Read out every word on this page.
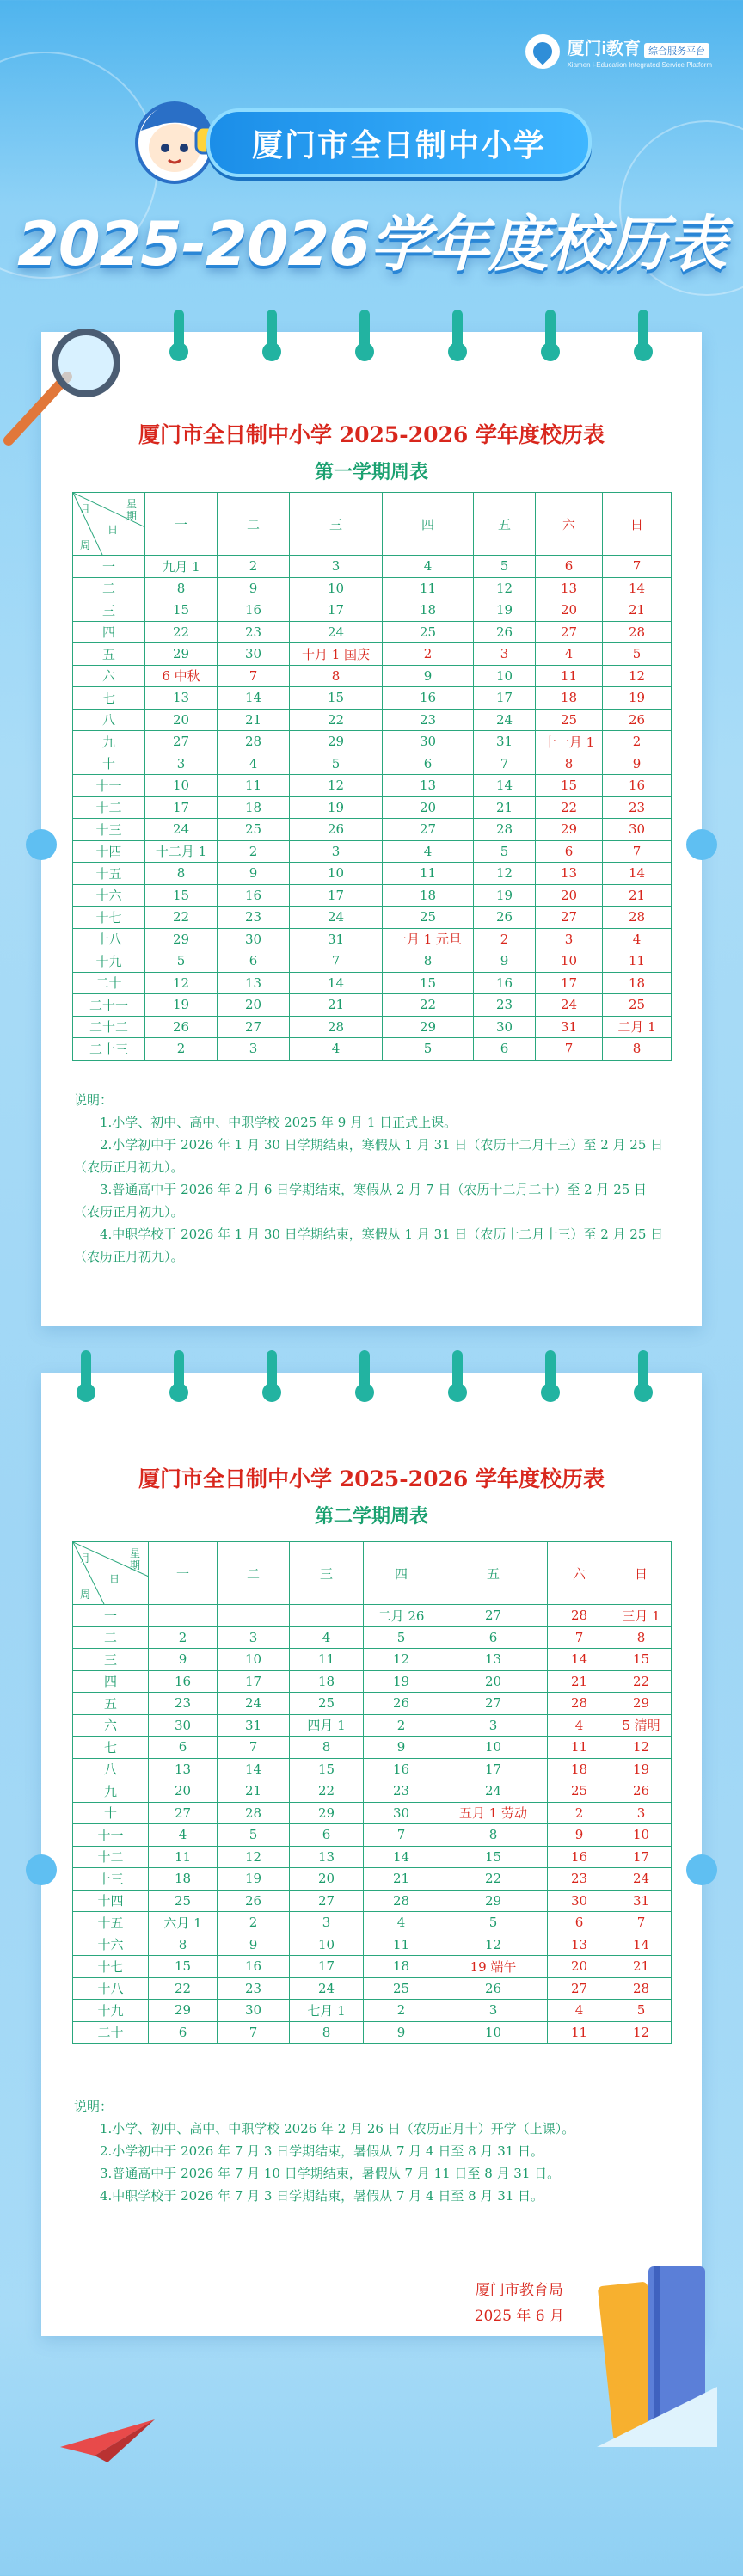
厦门i教育 综合服务平台
Xiamen i-Education Integrated Service Platform
厦门市全日制中小学
2025-2026学年度校历表
厦门市全日制中小学 2025-2026 学年度校历表
第一学期周表
星期
月
日
周	一	二	三	四	五	六	日
一	九月 1	2	3	4	5	6	7
二	8	9	10	11	12	13	14
三	15	16	17	18	19	20	21
四	22	23	24	25	26	27	28
五	29	30	十月 1 国庆	2	3	4	5
六	6 中秋	7	8	9	10	11	12
七	13	14	15	16	17	18	19
八	20	21	22	23	24	25	26
九	27	28	29	30	31	十一月 1	2
十	3	4	5	6	7	8	9
十一	10	11	12	13	14	15	16
十二	17	18	19	20	21	22	23
十三	24	25	26	27	28	29	30
十四	十二月 1	2	3	4	5	6	7
十五	8	9	10	11	12	13	14
十六	15	16	17	18	19	20	21
十七	22	23	24	25	26	27	28
十八	29	30	31	一月 1 元旦	2	3	4
十九	5	6	7	8	9	10	11
二十	12	13	14	15	16	17	18
二十一	19	20	21	22	23	24	25
二十二	26	27	28	29	30	31	二月 1
二十三	2	3	4	5	6	7	8

说明：

1.小学、初中、高中、中职学校 2025 年 9 月 1 日正式上课。

2.小学初中于 2026 年 1 月 30 日学期结束，寒假从 1 月 31 日（农历十二月十三）至 2 月 25 日（农历正月初九）。

3.普通高中于 2026 年 2 月 6 日学期结束，寒假从 2 月 7 日（农历十二月二十）至 2 月 25 日（农历正月初九）。

4.中职学校于 2026 年 1 月 30 日学期结束，寒假从 1 月 31 日（农历十二月十三）至 2 月 25 日（农历正月初九）。

厦门市全日制中小学 2025-2026 学年度校历表
第二学期周表
星期
月
日
周	一	二	三	四	五	六	日
一				二月 26	27	28	三月 1
二	2	3	4	5	6	7	8
三	9	10	11	12	13	14	15
四	16	17	18	19	20	21	22
五	23	24	25	26	27	28	29
六	30	31	四月 1	2	3	4	5 清明
七	6	7	8	9	10	11	12
八	13	14	15	16	17	18	19
九	20	21	22	23	24	25	26
十	27	28	29	30	五月 1 劳动	2	3
十一	4	5	6	7	8	9	10
十二	11	12	13	14	15	16	17
十三	18	19	20	21	22	23	24
十四	25	26	27	28	29	30	31
十五	六月 1	2	3	4	5	6	7
十六	8	9	10	11	12	13	14
十七	15	16	17	18	19 端午	20	21
十八	22	23	24	25	26	27	28
十九	29	30	七月 1	2	3	4	5
二十	6	7	8	9	10	11	12

说明：

1.小学、初中、高中、中职学校 2026 年 2 月 26 日（农历正月十）开学（上课）。

2.小学初中于 2026 年 7 月 3 日学期结束，暑假从 7 月 4 日至 8 月 31 日。

3.普通高中于 2026 年 7 月 10 日学期结束，暑假从 7 月 11 日至 8 月 31 日。

4.中职学校于 2026 年 7 月 3 日学期结束，暑假从 7 月 4 日至 8 月 31 日。

厦门市教育局
2025 年 6 月
